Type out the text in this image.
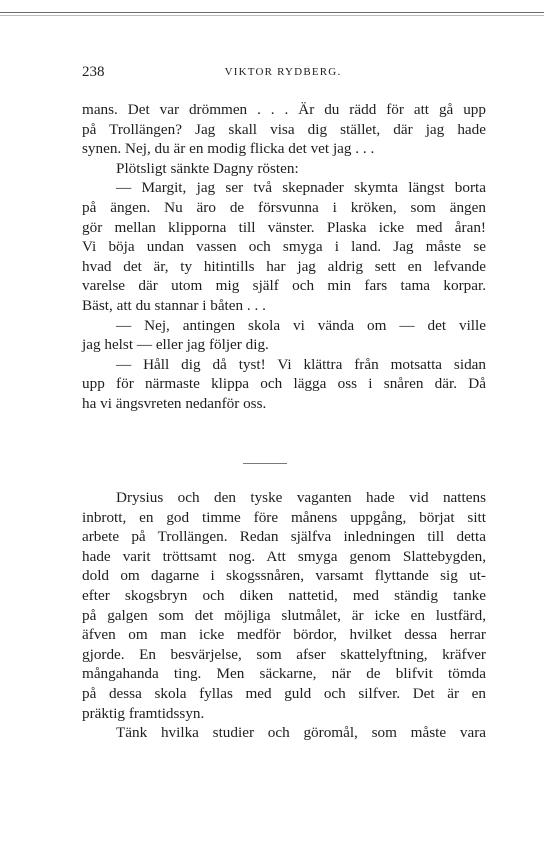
238	VIKTOR RYDBERG.
mans. Det var drömmen . . . Är du rädd för att gå upp
på Trollängen? Jag skall visa dig stället, där jag hade
synen. Nej, du är en modig flicka det vet jag . . .
Plötsligt sänkte Dagny rösten:
— Margit, jag ser två skepnader skymta längst borta
på ängen. Nu äro de försvunna i kröken, som ängen
gör mellan klipporna till vänster. Plaska icke med åran!
Vi böja undan vassen och smyga i land. Jag måste se
hvad det är, ty hitintills har jag aldrig sett en lefvande
varelse där utom mig själf och min fars tama korpar.
Bäst, att du stannar i båten . . .
— Nej, antingen skola vi vända om — det ville
jag helst — eller jag följer dig.
— Håll dig då tyst! Vi klättra från motsatta sidan
upp för närmaste klippa och lägga oss i snåren där. Då
ha vi ängsvreten nedanför oss.
Drysius och den tyske vaganten hade vid nattens
inbrott, en god timme före månens uppgång, börjat sitt
arbete på Trollängen. Redan själfva inledningen till detta
hade varit tröttsamt nog. Att smyga genom Slattebygden,
dold om dagarne i skogssnåren, varsamt flyttande sig ut-
efter skogsbryn och diken nattetid, med ständig tanke
på galgen som det möjliga slutmålet, är icke en lustfärd,
äfven om man icke medför bördor, hvilket dessa herrar
gjorde. En besvärjelse, som afser skattelyftning, kräfver
mångahanda ting. Men säckarne, när de blifvit tömda
på dessa skola fyllas med guld och silfver. Det är en
präktig framtidssyn.
Tänk hvilka studier och göromål, som måste vara
